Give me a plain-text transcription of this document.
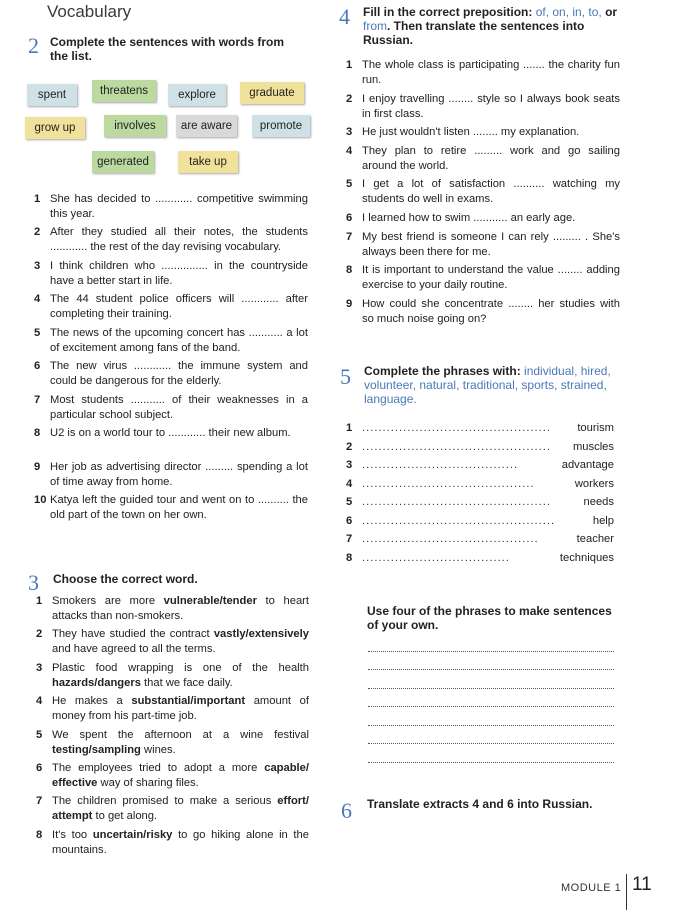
Vocabulary
2 Complete the sentences with words from the list.
spent	threatens	explore	graduate
grow up	involves	are aware	promote
generated	take up
1 She has decided to ............ competitive swimming this year.
2 After they studied all their notes, the students ............ the rest of the day revising vocabulary.
3 I think children who ............... in the countryside have a better start in life.
4 The 44 student police officers will ............ after completing their training.
5 The news of the upcoming concert has ........... a lot of excitement among fans of the band.
6 The new virus ............ the immune system and could be dangerous for the elderly.
7 Most students ........... of their weaknesses in a particular school subject.
8 U2 is on a world tour to ............ their new album.
9 Her job as advertising director ......... spending a lot of time away from home.
10 Katya left the guided tour and went on to .......... the old part of the town on her own.
3 Choose the correct word.
1 Smokers are more vulnerable/tender to heart attacks than non-smokers.
2 They have studied the contract vastly/extensively and have agreed to all the terms.
3 Plastic food wrapping is one of the health hazards/dangers that we face daily.
4 He makes a substantial/important amount of money from his part-time job.
5 We spent the afternoon at a wine festival testing/sampling wines.
6 The employees tried to adopt a more capable/ effective way of sharing files.
7 The children promised to make a serious effort/ attempt to get along.
8 It's too uncertain/risky to go hiking alone in the mountains.
4 Fill in the correct preposition: of, on, in, to, or from. Then translate the sentences into Russian.
1 The whole class is participating ....... the charity fun run.
2 I enjoy travelling ........ style so I always book seats in first class.
3 He just wouldn't listen ........ my explanation.
4 They plan to retire ......... work and go sailing around the world.
5 I get a lot of satisfaction .......... watching my students do well in exams.
6 I learned how to swim ........... an early age.
7 My best friend is someone I can rely ......... . She's always been there for me.
8 It is important to understand the value ........ adding exercise to your daily routine.
9 How could she concentrate ........ her studies with so much noise going on?
5 Complete the phrases with: individual, hired, volunteer, natural, traditional, sports, strained, language.
1 .............................................. tourism
2 .............................................. muscles
3 ......................................	advantage
4 ..........................................	workers
5 ..............................................	needs
6 ...............................................	help
7 ...........................................	teacher
8 ....................................	techniques
Use four of the phrases to make sentences of your own.
6 Translate extracts 4 and 6 into Russian.
MODULE 1 11
